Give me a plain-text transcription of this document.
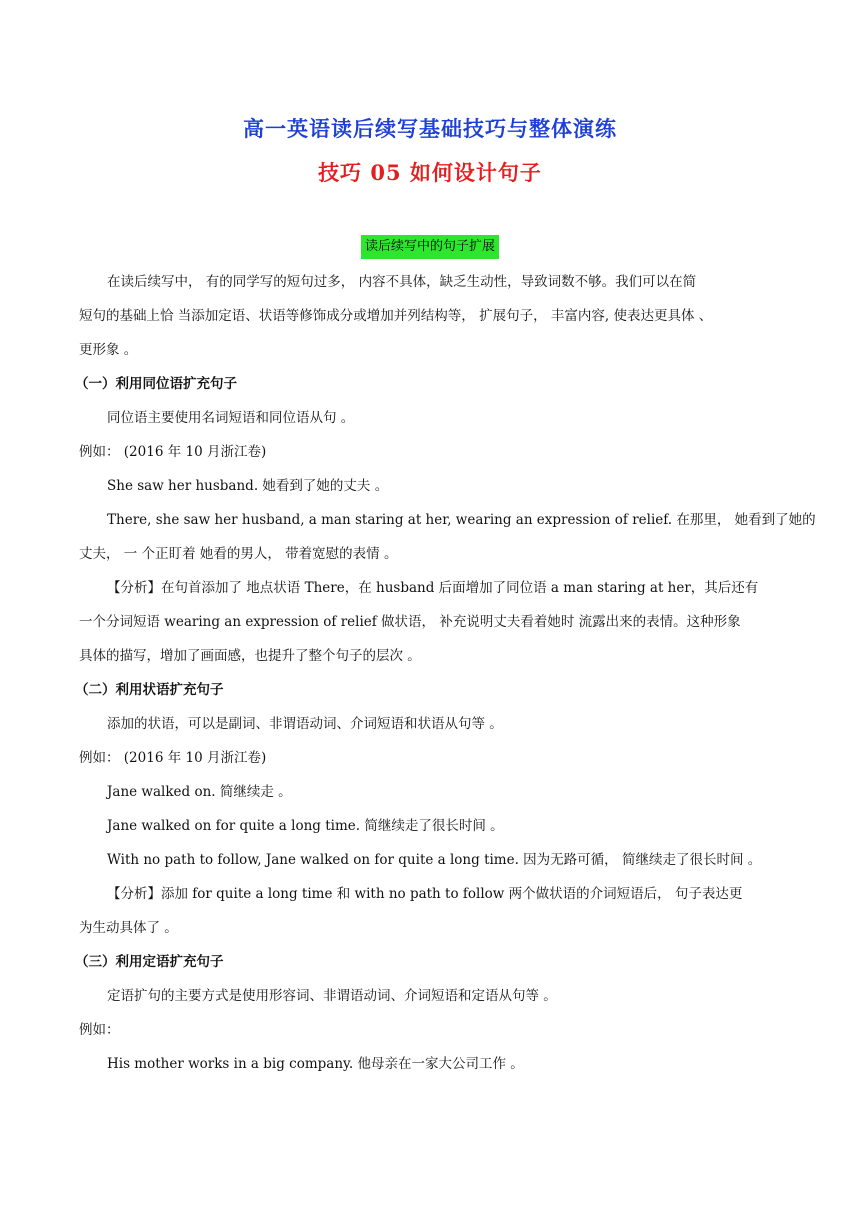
高一英语读后续写基础技巧与整体演练
技巧 05 如何设计句子
读后续写中的句子扩展

在读后续写中， 有的同学写的短句过多， 内容不具体，缺乏生动性，导致词数不够。我们可以在简

短句的基础上恰 当添加定语、状语等修饰成分或增加并列结构等， 扩展句子， 丰富内容, 使表达更具体 、

更形象 。

（一）利用同位语扩充句子

同位语主要使用名词短语和同位语从句 。

例如： (2016 年 10 月浙江卷)

She saw her husband. 她看到了她的丈夫 。

There, she saw her husband, a man staring at her, wearing an expression of relief. 在那里， 她看到了她的

丈夫， 一 个正盯着 她看的男人， 带着宽慰的表情 。

【分析】在句首添加了 地点状语 There，在 husband 后面增加了同位语 a man staring at her，其后还有

一个分词短语 wearing an expression of relief 做状语， 补充说明丈夫看着她时 流露出来的表情。这种形象

具体的描写，增加了画面感，也提升了整个句子的层次 。

（二）利用状语扩充句子

添加的状语，可以是副词、非谓语动词、介词短语和状语从句等 。

例如： (2016 年 10 月浙江卷)

Jane walked on. 简继续走 。

Jane walked on for quite a long time. 简继续走了很长时间 。

With no path to follow, Jane walked on for quite a long time. 因为无路可循， 简继续走了很长时间 。

【分析】添加 for quite a long time 和 with no path to follow 两个做状语的介词短语后， 句子表达更

为生动具体了 。

（三）利用定语扩充句子

定语扩句的主要方式是使用形容词、非谓语动词、介词短语和定语从句等 。

例如：

His mother works in a big company. 他母亲在一家大公司工作 。
